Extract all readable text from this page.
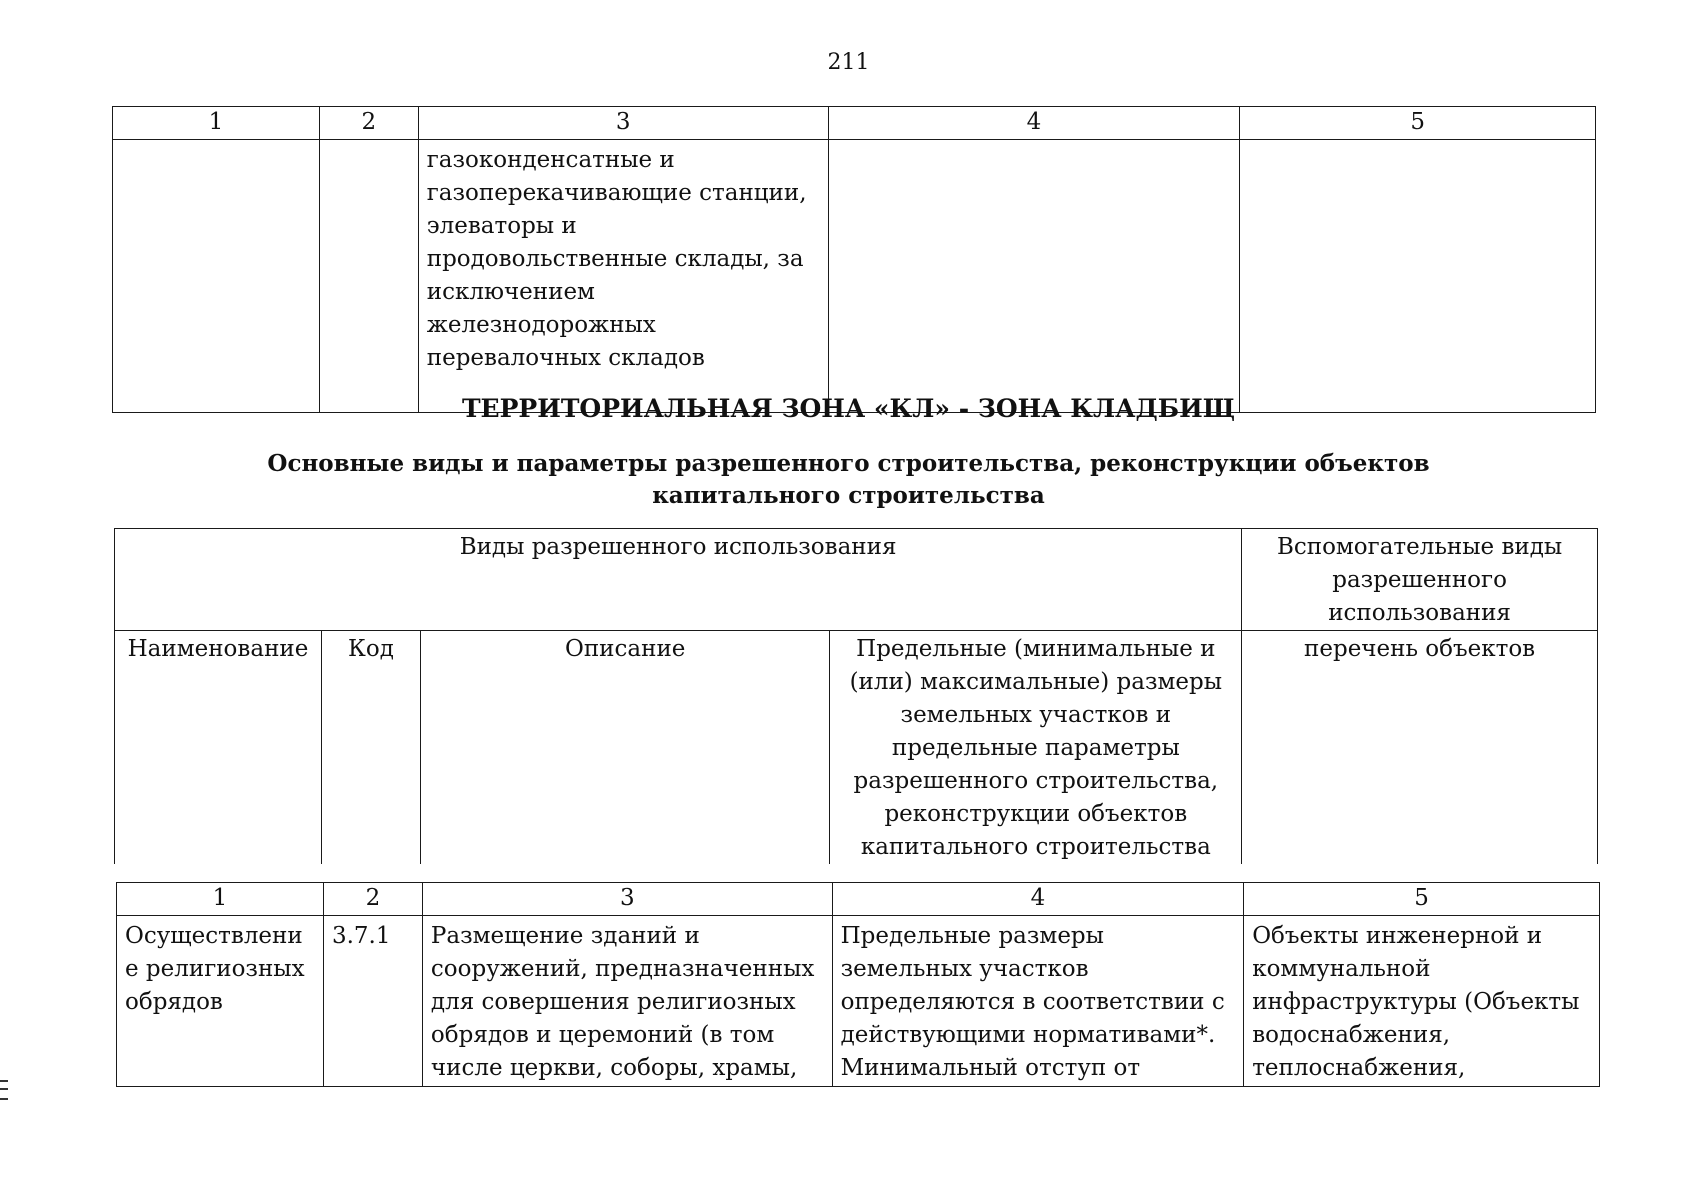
211
1	2	3	4	5
		газоконденсатные и газоперекачивающие станции, элеваторы и продовольственные склады, за исключением железнодорожных перевалочных складов		
ТЕРРИТОРИАЛЬНАЯ ЗОНА «КЛ» - ЗОНА КЛАДБИЩ
Основные виды и параметры разрешенного строительства, реконструкции объектов капитального строительства
Виды разрешенного использования				Вспомогательные виды разрешенного использования
Наименование	Код	Описание	Предельные (минимальные и (или) максимальные) размеры земельных участков и предельные параметры разрешенного строительства, реконструкции объектов капитального строительства	перечень объектов
1	2	3	4	5
Осуществлени е религиозных обрядов	3.7.1	Размещение зданий и сооружений, предназначенных для совершения религиозных обрядов и церемоний (в том числе церкви, соборы, храмы,	Предельные размеры земельных участков определяются в соответствии с действующими нормативами*. Минимальный отступ от	Объекты инженерной и коммунальной инфраструктуры (Объекты водоснабжения, теплоснабжения,
